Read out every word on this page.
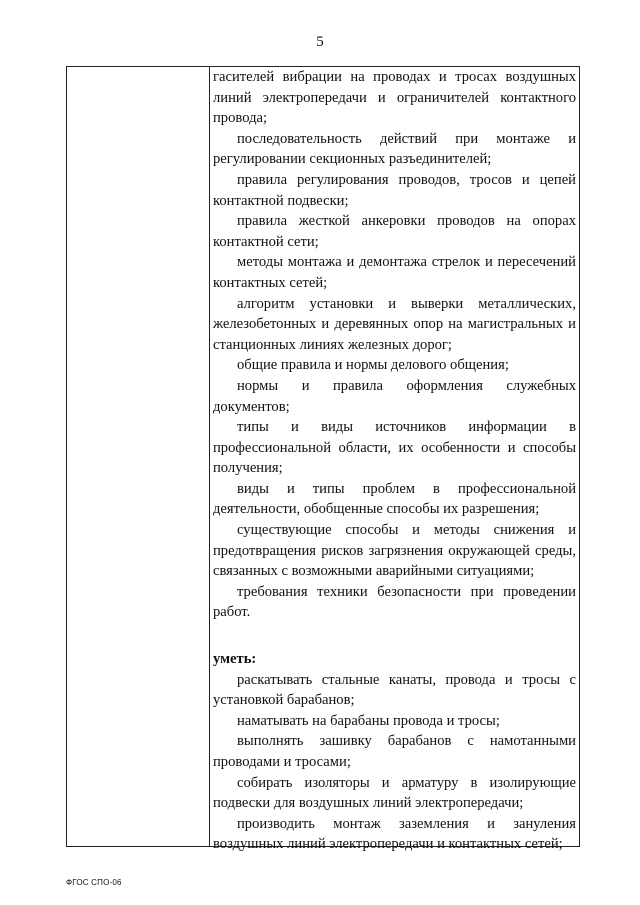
5

гасителей вибрации на проводах и тросах воздушных линий электропередачи и ограничителей контактного провода;

последовательность действий при монтаже и регулировании секционных разъединителей;

правила регулирования проводов, тросов и цепей контактной подвески;

правила жесткой анкеровки проводов на опорах контактной сети;

методы монтажа и демонтажа стрелок и пересечений контактных сетей;

алгоритм установки и выверки металлических, железобетонных и деревянных опор на магистральных и станционных линиях железных дорог;

общие правила и нормы делового общения;

нормы и правила оформления служебных документов;

типы и виды источников информации в профессиональной области, их особенности и способы получения;

виды и типы проблем в профессиональной деятельности, обобщенные способы их разрешения;

существующие способы и методы снижения и предотвращения рисков загрязнения окружающей среды, связанных с возможными аварийными ситуациями;

требования техники безопасности при проведении работ.

уметь:

раскатывать стальные канаты, провода и тросы с установкой барабанов;

наматывать на барабаны провода и тросы;

выполнять зашивку барабанов с намотанными проводами и тросами;

собирать изоляторы и арматуру в изолирующие подвески для воздушных линий электропередачи;

производить монтаж заземления и зануления воздушных линий электропередачи и контактных сетей;

ФГОС СПО-06
